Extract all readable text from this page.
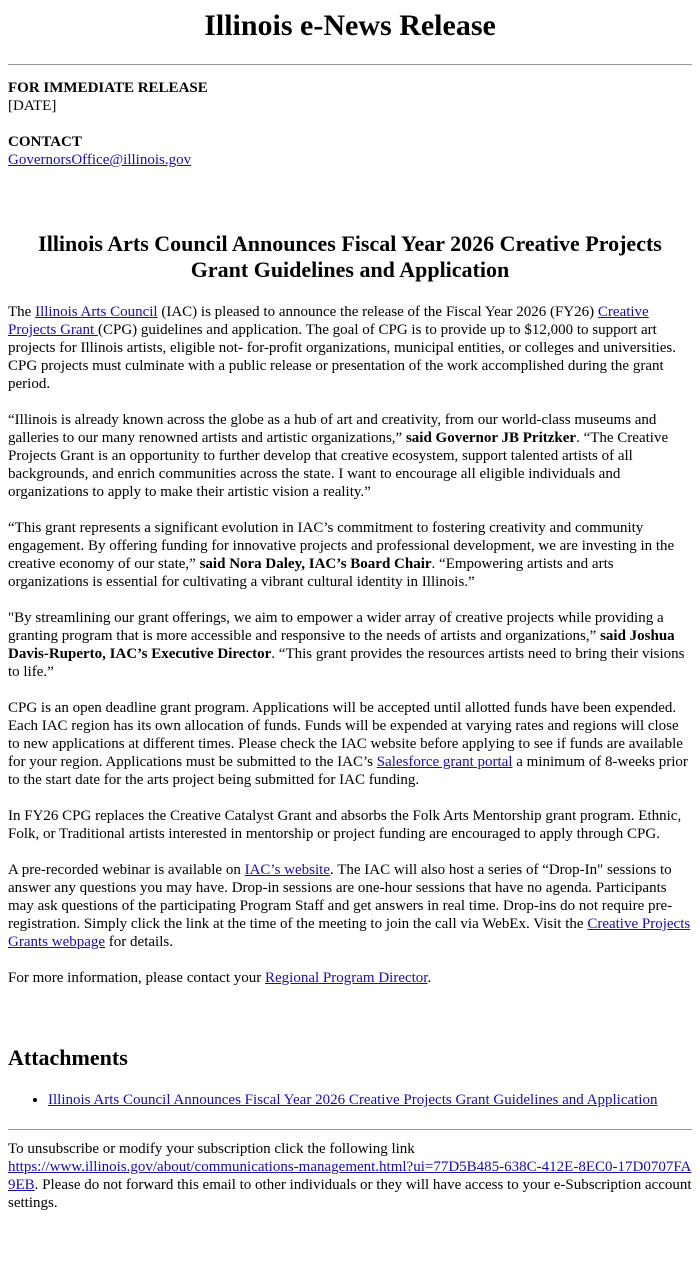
Illinois e-News Release
FOR IMMEDIATE RELEASE
[DATE]
CONTACT
GovernorsOffice@illinois.gov
Illinois Arts Council Announces Fiscal Year 2026 Creative Projects Grant Guidelines and Application

The Illinois Arts Council (IAC) is pleased to announce the release of the Fiscal Year 2026 (FY26) Creative Projects Grant (CPG) guidelines and application. The goal of CPG is to provide up to $12,000 to support art projects for Illinois artists, eligible not- for-profit organizations, municipal entities, or colleges and universities. CPG projects must culminate with a public release or presentation of the work accomplished during the grant period.

“Illinois is already known across the globe as a hub of art and creativity, from our world-class museums and galleries to our many renowned artists and artistic organizations,” said Governor JB Pritzker. “The Creative Projects Grant is an opportunity to further develop that creative ecosystem, support talented artists of all backgrounds, and enrich communities across the state. I want to encourage all eligible individuals and organizations to apply to make their artistic vision a reality.”

“This grant represents a significant evolution in IAC’s commitment to fostering creativity and community engagement. By offering funding for innovative projects and professional development, we are investing in the creative economy of our state,” said Nora Daley, IAC’s Board Chair. “Empowering artists and arts organizations is essential for cultivating a vibrant cultural identity in Illinois.”

"By streamlining our grant offerings, we aim to empower a wider array of creative projects while providing a granting program that is more accessible and responsive to the needs of artists and organizations,” said Joshua Davis-Ruperto, IAC’s Executive Director. “This grant provides the resources artists need to bring their visions to life.”

CPG is an open deadline grant program. Applications will be accepted until allotted funds have been expended. Each IAC region has its own allocation of funds. Funds will be expended at varying rates and regions will close to new applications at different times. Please check the IAC website before applying to see if funds are available for your region. Applications must be submitted to the IAC’s Salesforce grant portal a minimum of 8-weeks prior to the start date for the arts project being submitted for IAC funding.

In FY26 CPG replaces the Creative Catalyst Grant and absorbs the Folk Arts Mentorship grant program. Ethnic, Folk, or Traditional artists interested in mentorship or project funding are encouraged to apply through CPG.

A pre-recorded webinar is available on IAC’s website. The IAC will also host a series of “Drop-In" sessions to answer any questions you may have. Drop-in sessions are one-hour sessions that have no agenda. Participants may ask questions of the participating Program Staff and get answers in real time. Drop-ins do not require pre- registration. Simply click the link at the time of the meeting to join the call via WebEx. Visit the Creative Projects Grants webpage for details.

For more information, please contact your Regional Program Director.

Attachments
• Illinois Arts Council Announces Fiscal Year 2026 Creative Projects Grant Guidelines and Application
To unsubscribe or modify your subscription click the following link
https://www.illinois.gov/about/communications-management.html?ui=77D5B485-638C-412E-8EC0-17D0707FA9EB. Please do not forward this email to other individuals or they will have access to your e-Subscription account settings.
